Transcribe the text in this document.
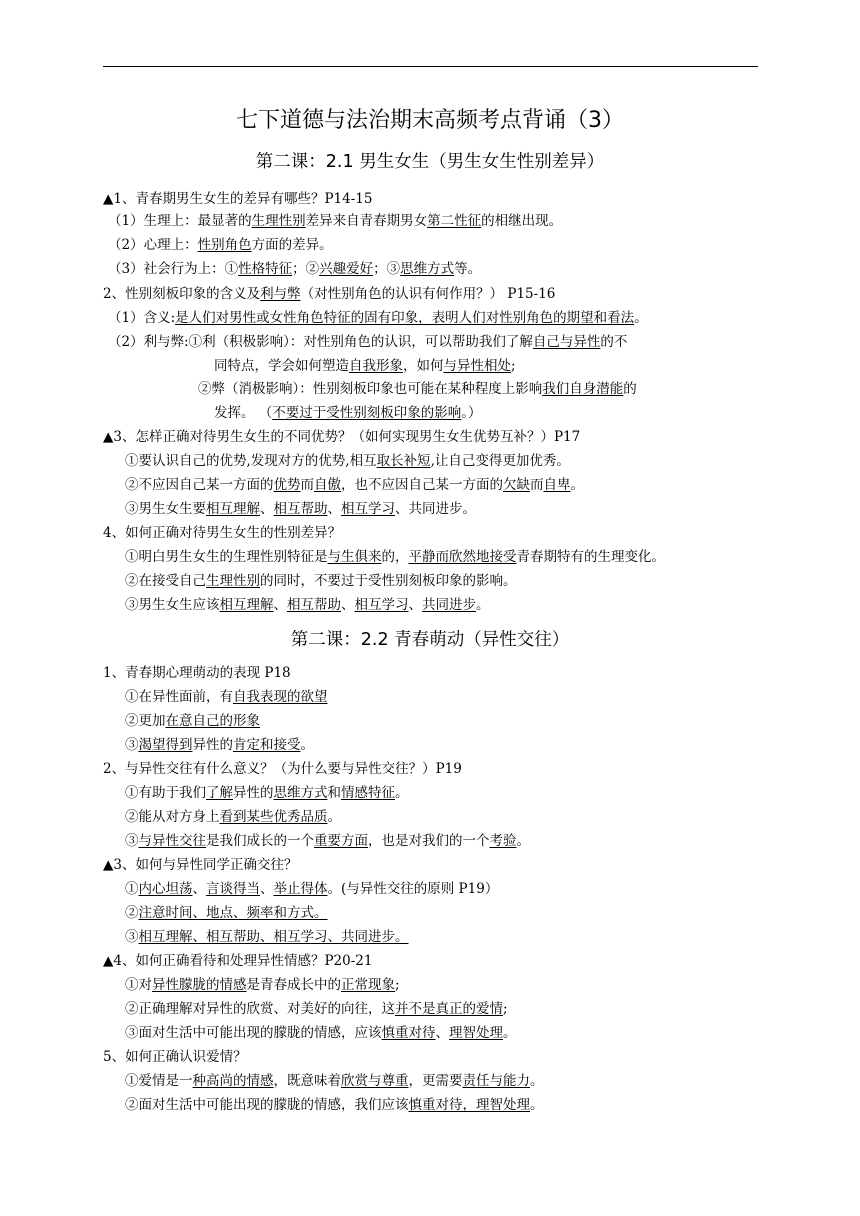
七下道德与法治期末高频考点背诵（3）
第二课：2.1 男生女生（男生女生性别差异）
第二课：2.2 青春萌动（异性交往）
▲1、青春期男生女生的差异有哪些？P14-15
（1）生理上：最显著的生理性别差异来自青春期男女第二性征的相继出现。
（2）心理上：性别角色方面的差异。
（3）社会行为上：①性格特征；②兴趣爱好；③思维方式等。
2、性别刻板印象的含义及利与弊（对性别角色的认识有何作用？） P15-16
（1）含义:是人们对男性或女性角色特征的固有印象，表明人们对性别角色的期望和看法。
（2）利与弊:①利（积极影响）：对性别角色的认识，可以帮助我们了解自己与异性的不
同特点，学会如何塑造自我形象，如何与异性相处;
②弊（消极影响）：性别刻板印象也可能在某种程度上影响我们自身潜能的
发挥。 （不要过于受性别刻板印象的影响。）
▲3、怎样正确对待男生女生的不同优势？（如何实现男生女生优势互补？）P17
①要认识自己的优势,发现对方的优势,相互取长补短,让自己变得更加优秀。
②不应因自己某一方面的优势而自傲，也不应因自己某一方面的欠缺而自卑。
③男生女生要相互理解、相互帮助、相互学习、共同进步。
4、如何正确对待男生女生的性别差异？
①明白男生女生的生理性别特征是与生俱来的，平静而欣然地接受青春期特有的生理变化。
②在接受自己生理性别的同时，不要过于受性别刻板印象的影响。
③男生女生应该相互理解、相互帮助、相互学习、共同进步。
1、青春期心理萌动的表现 P18
①在异性面前，有自我表现的欲望
②更加在意自己的形象
③渴望得到异性的肯定和接受。
2、与异性交往有什么意义？（为什么要与异性交往？）P19
①有助于我们了解异性的思维方式和情感特征。
②能从对方身上看到某些优秀品质。
③与异性交往是我们成长的一个重要方面，也是对我们的一个考验。
▲3、如何与异性同学正确交往？
①内心坦荡、言谈得当、举止得体。(与异性交往的原则 P19）
②注意时间、地点、频率和方式。
③相互理解、相互帮助、相互学习、共同进步。
▲4、如何正确看待和处理异性情感？P20-21
①对异性朦胧的情感是青春成长中的正常现象;
②正确理解对异性的欣赏、对美好的向往，这并不是真正的爱情;
③面对生活中可能出现的朦胧的情感，应该慎重对待、理智处理。
5、如何正确认识爱情？
①爱情是一种高尚的情感，既意味着欣赏与尊重，更需要责任与能力。
②面对生活中可能出现的朦胧的情感，我们应该慎重对待，理智处理。
